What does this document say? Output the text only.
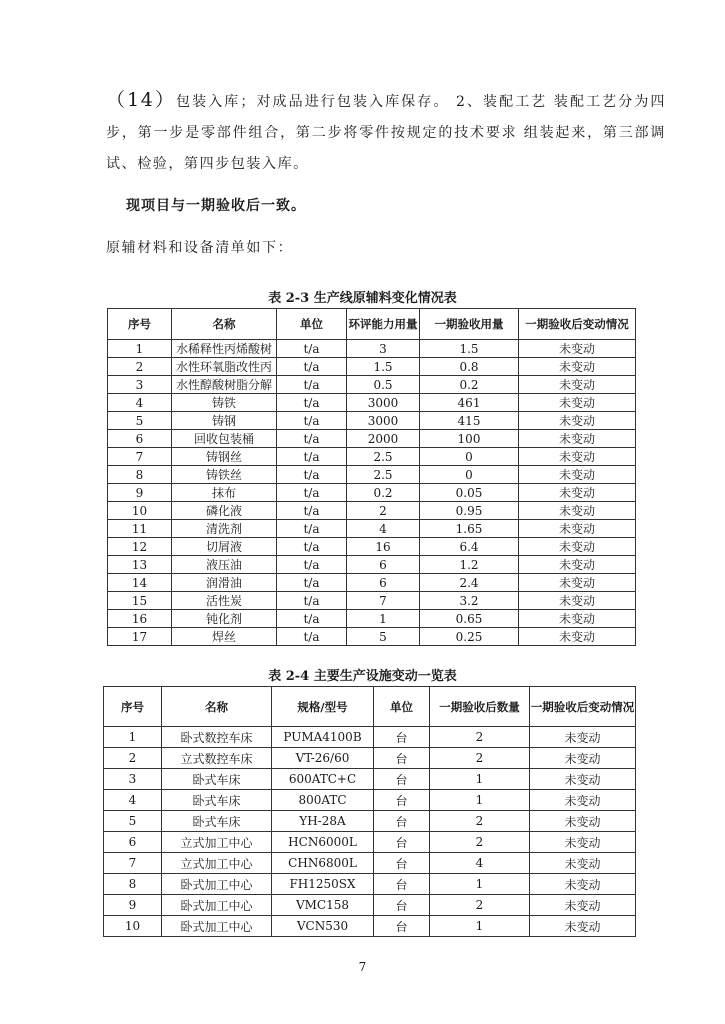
（14）包装入库；对成品进行包装入库保存。 2、装配工艺 装配工艺分为四步，第一步是零部件组合，第二步将零件按规定的技术要求 组装起来，第三部调试、检验，第四步包装入库。

现项目与一期验收后一致。

原辅材料和设备清单如下：

表 2-3 生产线原辅料变化情况表

序号	名称	单位	环评能力用量	一期验收用量	一期验收后变动情况
1	水稀释性丙烯酸树	t/a	3	1.5	未变动
2	水性环氧脂改性丙	t/a	1.5	0.8	未变动
3	水性醇酸树脂分解	t/a	0.5	0.2	未变动
4	铸铁	t/a	3000	461	未变动
5	铸钢	t/a	3000	415	未变动
6	回收包装桶	t/a	2000	100	未变动
7	铸钢丝	t/a	2.5	0	未变动
8	铸铁丝	t/a	2.5	0	未变动
9	抹布	t/a	0.2	0.05	未变动
10	磷化液	t/a	2	0.95	未变动
11	清洗剂	t/a	4	1.65	未变动
12	切屑液	t/a	16	6.4	未变动
13	液压油	t/a	6	1.2	未变动
14	润滑油	t/a	6	2.4	未变动
15	活性炭	t/a	7	3.2	未变动
16	钝化剂	t/a	1	0.65	未变动
17	焊丝	t/a	5	0.25	未变动

表 2-4 主要生产设施变动一览表

序号	名称	规格/型号	单位	一期验收后数量	一期验收后变动情况
1	卧式数控车床	PUMA4100B	台	2	未变动
2	立式数控车床	VT-26/60	台	2	未变动
3	卧式车床	600ATC+C	台	1	未变动
4	卧式车床	800ATC	台	1	未变动
5	卧式车床	YH-28A	台	2	未变动
6	立式加工中心	HCN6000L	台	2	未变动
7	立式加工中心	CHN6800L	台	4	未变动
8	卧式加工中心	FH1250SX	台	1	未变动
9	卧式加工中心	VMC158	台	2	未变动
10	卧式加工中心	VCN530	台	1	未变动

7
